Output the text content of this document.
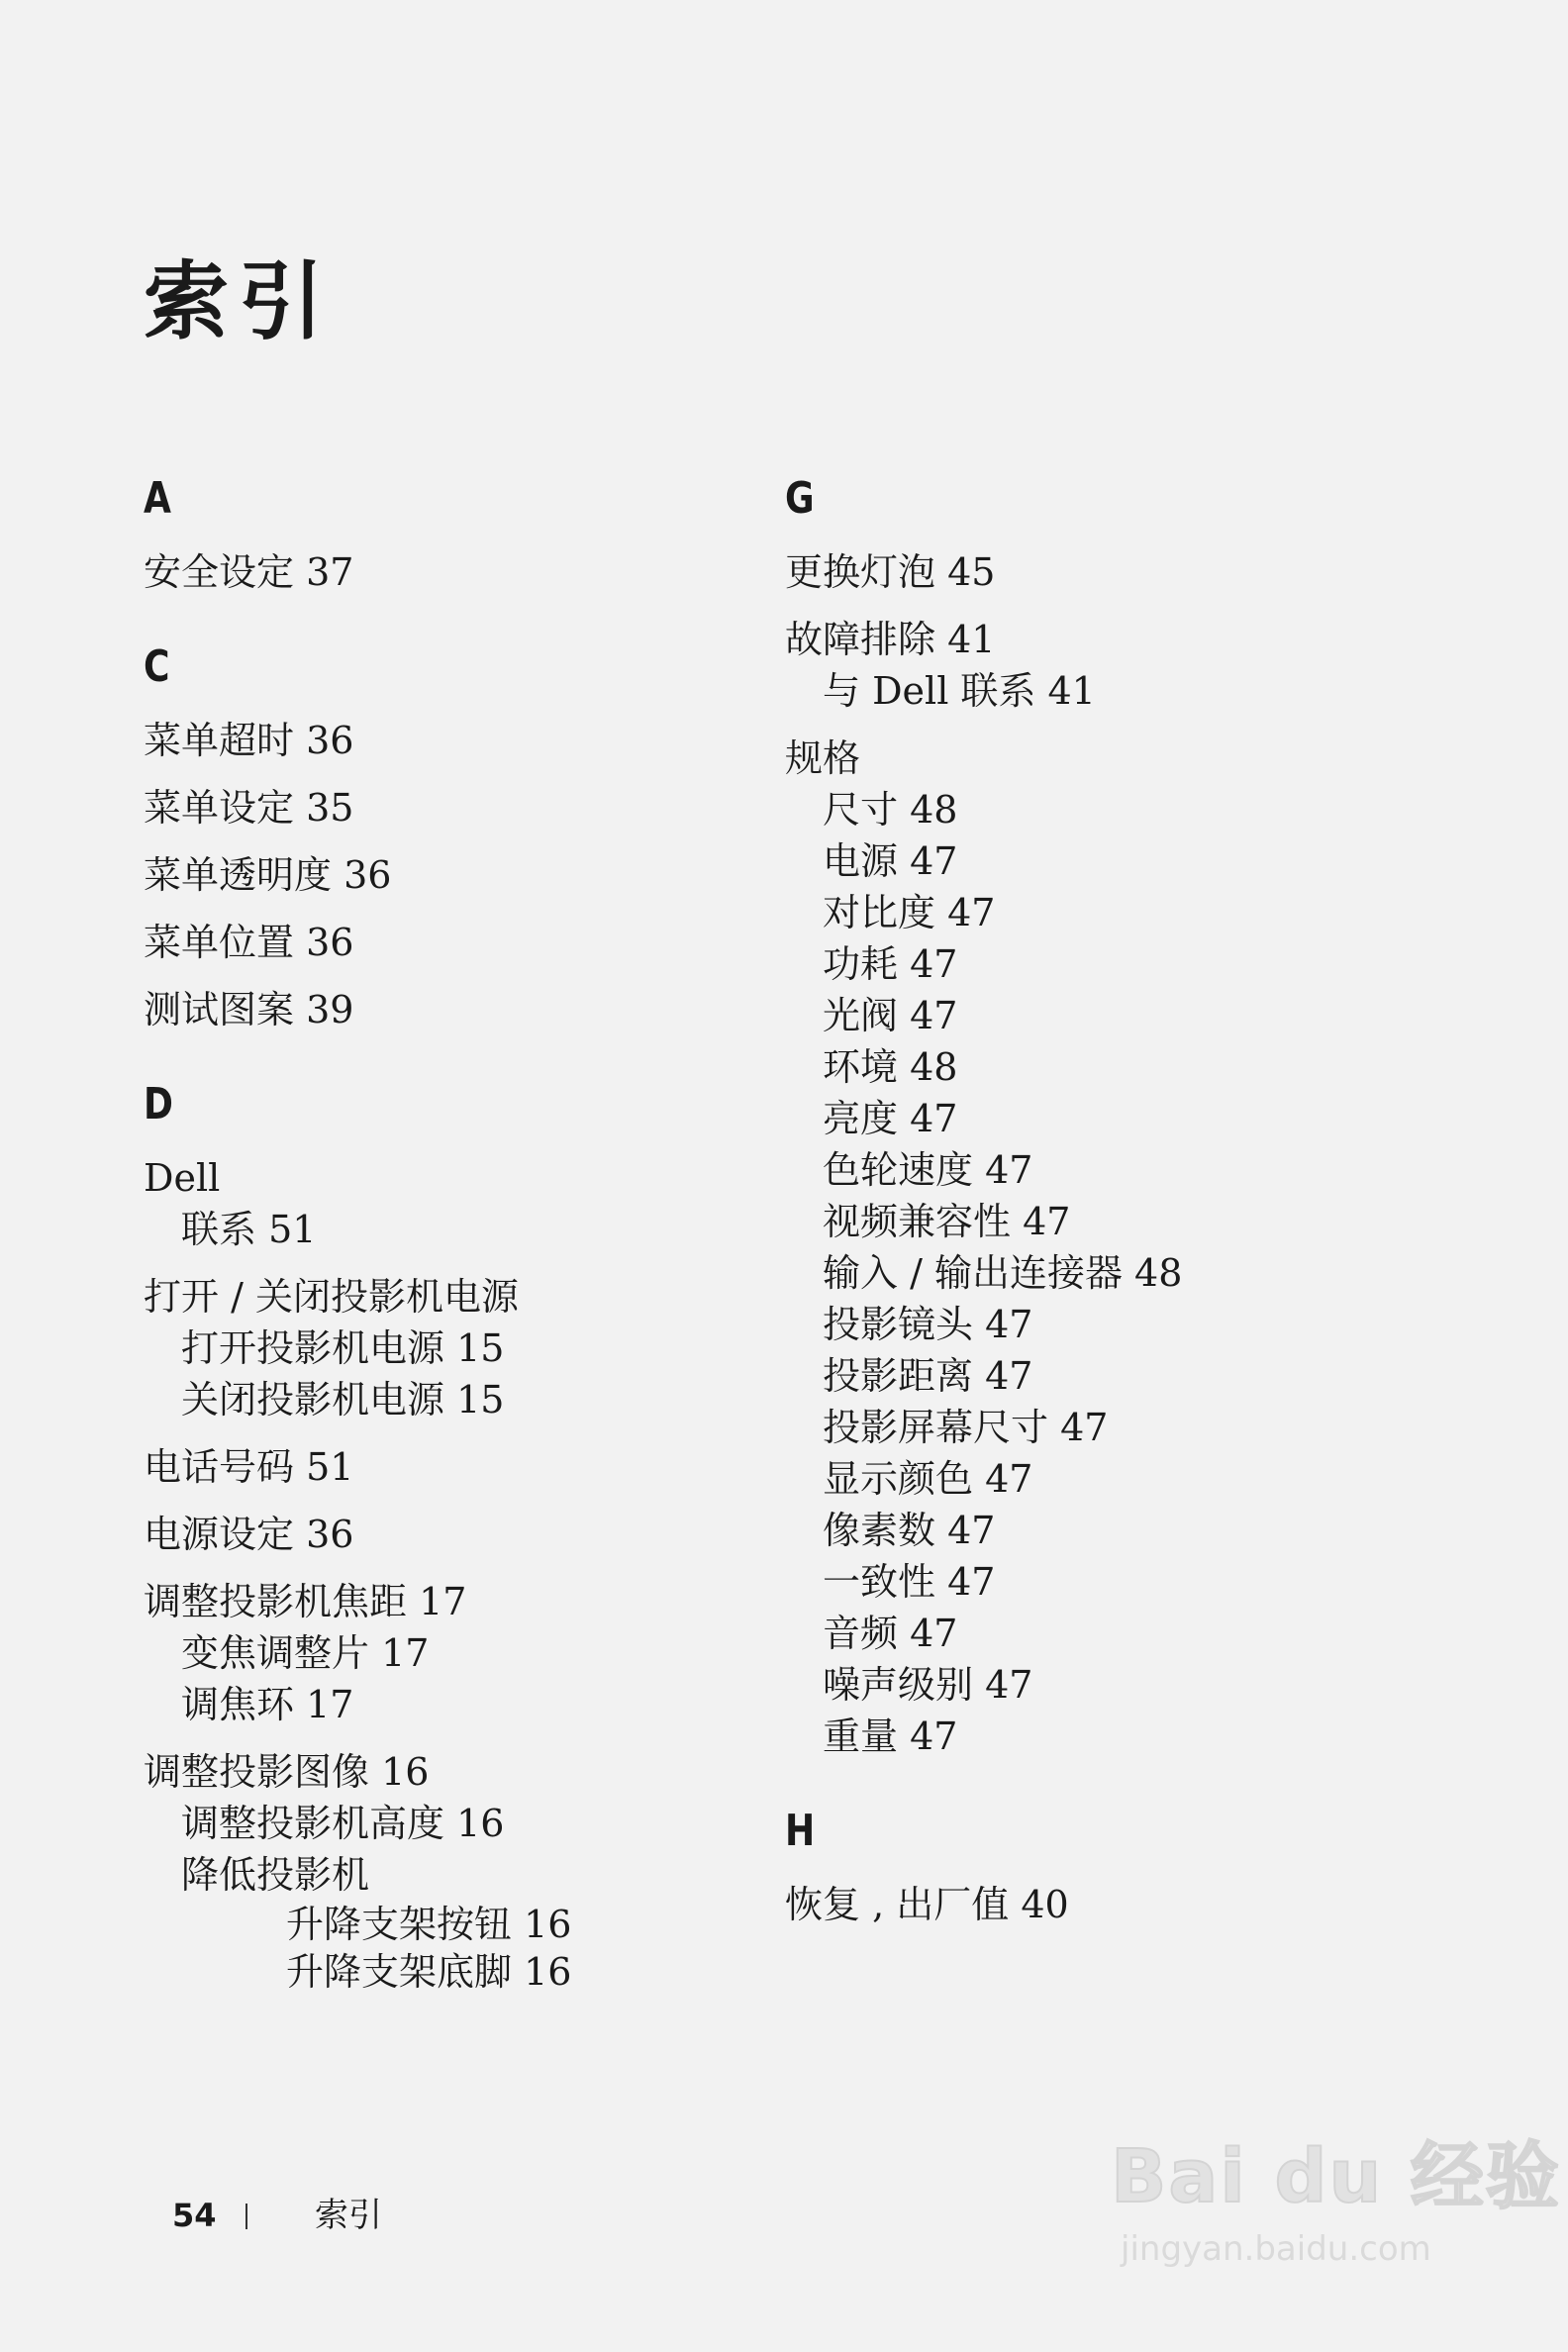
索引
A
安全设定 37
C
菜单超时 36
菜单设定 35
菜单透明度 36
菜单位置 36
测试图案 39
D
Dell
联系 51
打开 / 关闭投影机电源
打开投影机电源 15
关闭投影机电源 15
电话号码 51
电源设定 36
调整投影机焦距 17
变焦调整片 17
调焦环 17
调整投影图像 16
调整投影机高度 16
降低投影机
升降支架按钮 16
升降支架底脚 16
G
更换灯泡 45
故障排除 41
与 Dell 联系 41
规格
尺寸 48
电源 47
对比度 47
功耗 47
光阀 47
环境 48
亮度 47
色轮速度 47
视频兼容性 47
输入 / 输出连接器 48
投影镜头 47
投影距离 47
投影屏幕尺寸 47
显示颜色 47
像素数 47
一致性 47
音频 47
噪声级别 47
重量 47
H
恢复 , 出厂值 40
54	索引	Bai du 经验
jingyan.baidu.com
